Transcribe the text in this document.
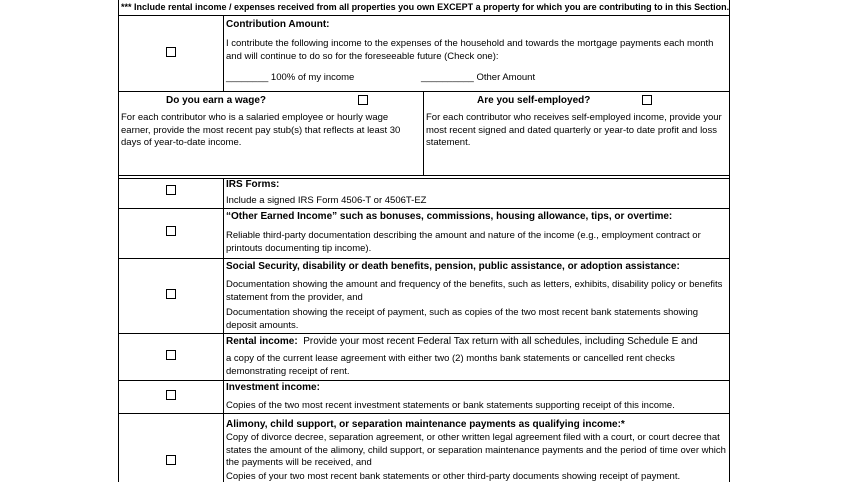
*** Include rental income / expenses received from all properties you own EXCEPT a property for which you are contributing to in this Section.
Contribution Amount:
I contribute the following income to the expenses of the household and towards the mortgage payments each month and will continue to do so for the foreseeable future (Check one):
________ 100% of my income	__________ Other Amount
Do you earn a wage?
For each contributor who is a salaried employee or hourly wage earner, provide the most recent pay stub(s) that reflects at least 30 days of year-to-date income.
Are you self-employed?
For each contributor who receives self-employed income, provide your most recent signed and dated quarterly or year-to date profit and loss statement.
IRS Forms:
Include a signed IRS Form 4506-T or 4506T-EZ
“Other Earned Income” such as bonuses, commissions, housing allowance, tips, or overtime:
Reliable third-party documentation describing the amount and nature of the income (e.g., employment contract or printouts documenting tip income).
Social Security, disability or death benefits, pension, public assistance, or adoption assistance:
Documentation showing the amount and frequency of the benefits, such as letters, exhibits, disability policy or benefits statement from the provider, and
Documentation showing the receipt of payment, such as copies of the two most recent bank statements showing deposit amounts.
Rental income: Provide your most recent Federal Tax return with all schedules, including Schedule E and
a copy of the current lease agreement with either two (2) months bank statements or cancelled rent checks demonstrating receipt of rent.
Investment income:
Copies of the two most recent investment statements or bank statements supporting receipt of this income.
Alimony, child support, or separation maintenance payments as qualifying income:*
Copy of divorce decree, separation agreement, or other written legal agreement filed with a court, or court decree that states the amount of the alimony, child support, or separation maintenance payments and the period of time over which the payments will be received, and
Copies of your two most recent bank statements or other third-party documents showing receipt of payment.
